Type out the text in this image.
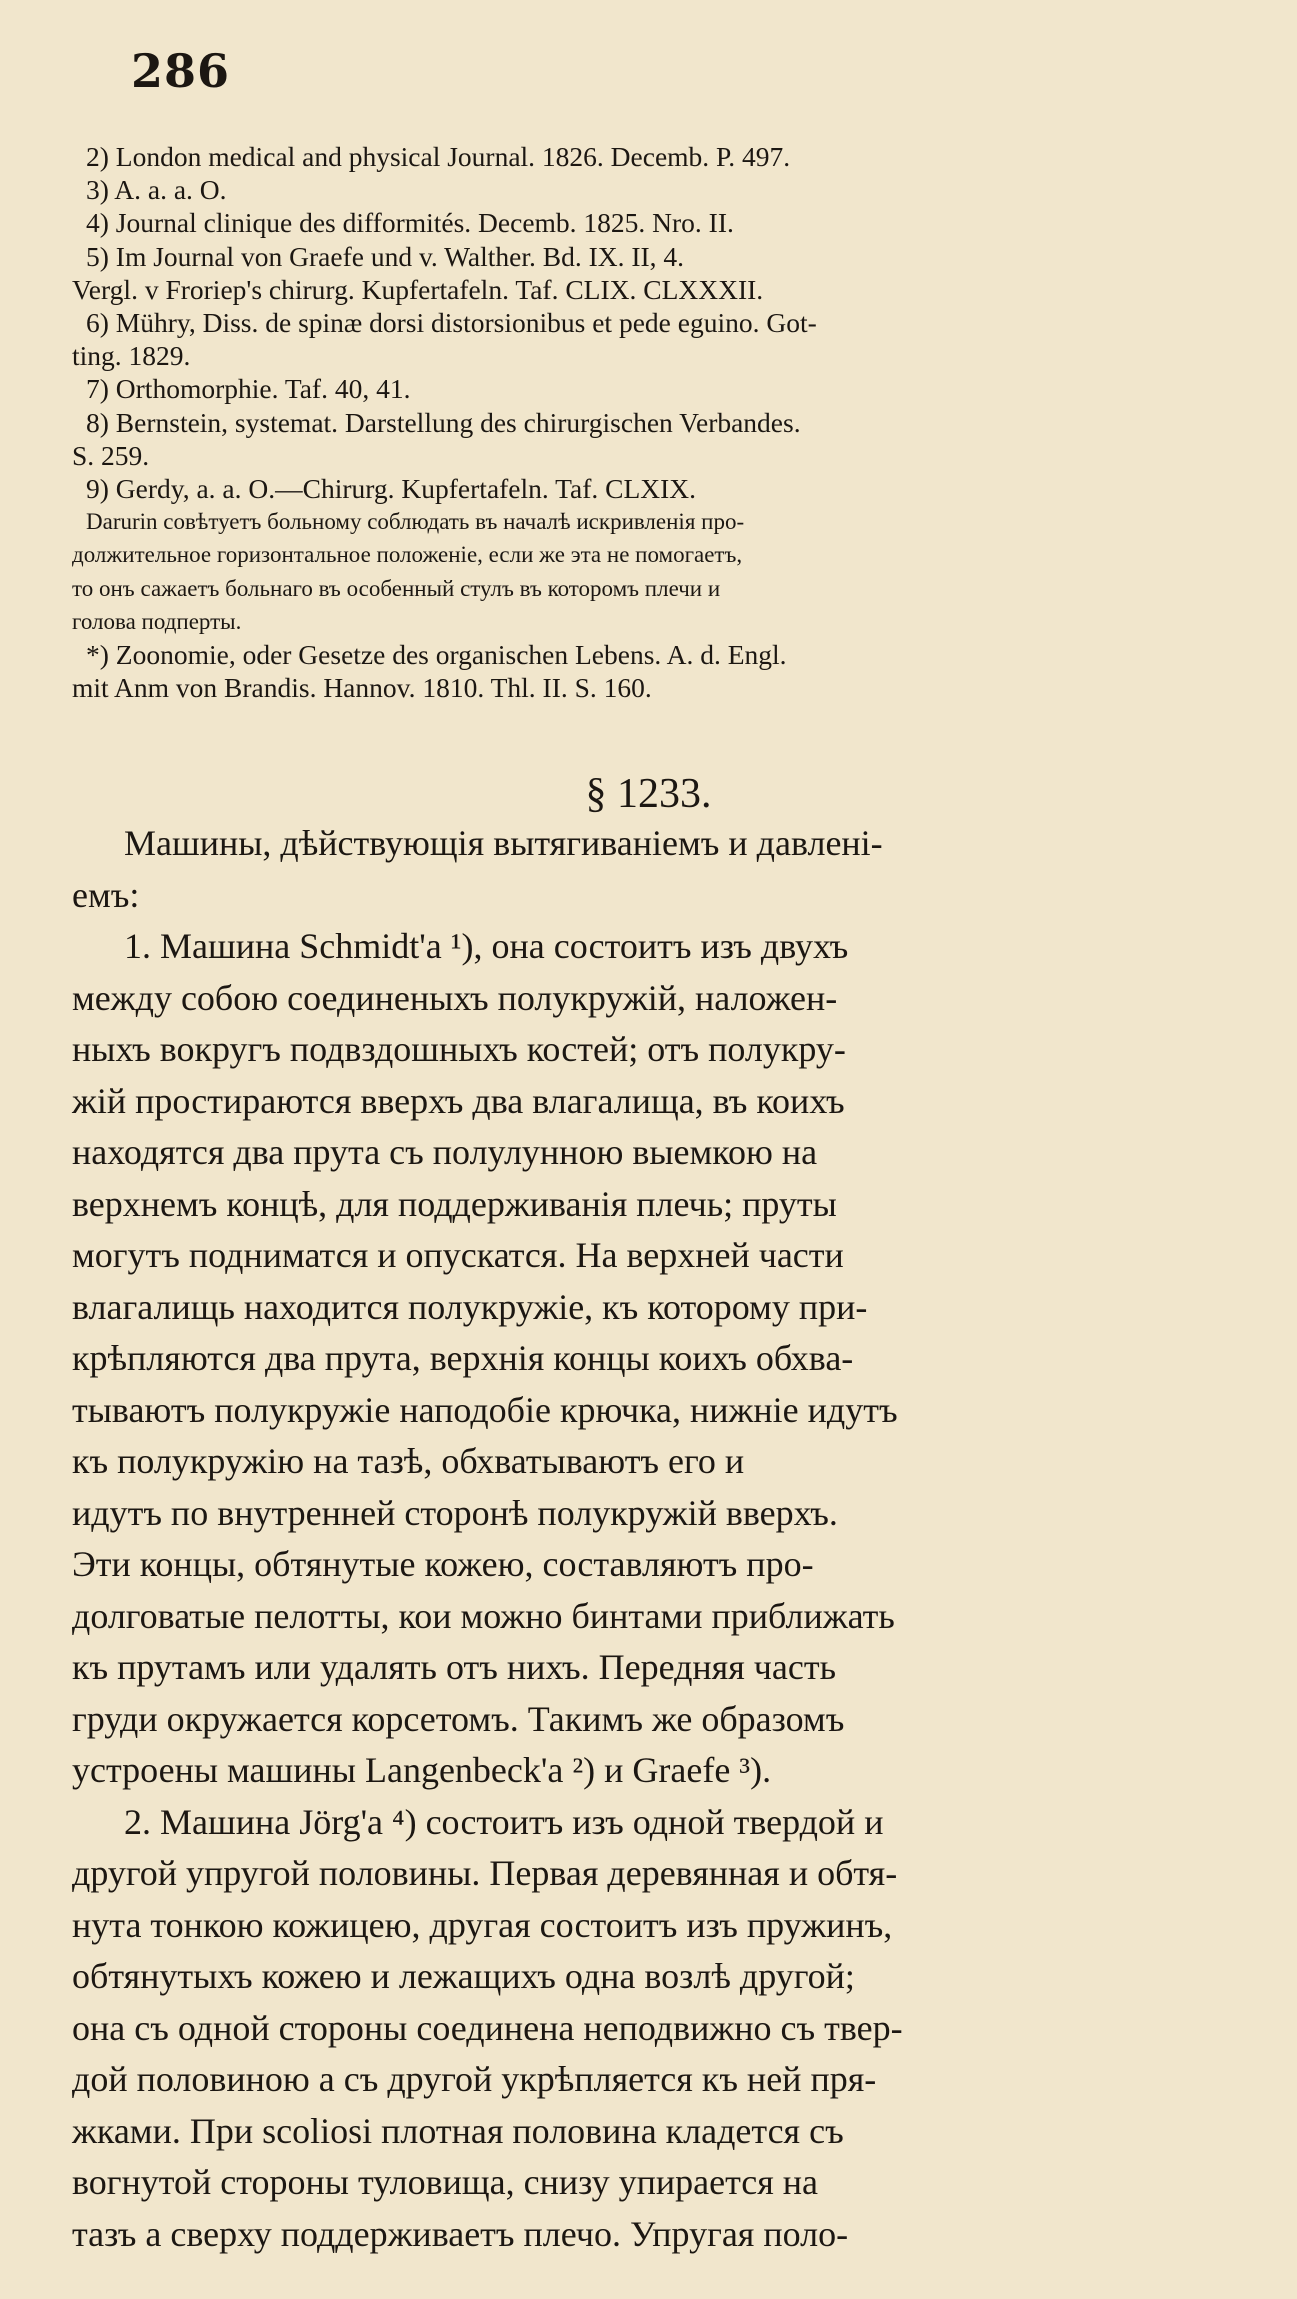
286
2) London medical and physical Journal. 1826. Decemb. P. 497.
3) A. a. a. O.
4) Journal clinique des difformités. Decemb. 1825. Nro. II.
5) Im Journal von Graefe und v. Walther. Bd. IX. II, 4.
Vergl. v Froriep's chirurg. Kupfertafeln. Taf. CLIX. CLXXXII.
6) Mühry, Diss. de spinæ dorsi distorsionibus et pede eguino. Got-
ting. 1829.
7) Orthomorphie. Taf. 40, 41.
8) Bernstein, systemat. Darstellung des chirurgischen Verbandes.
S. 259.
9) Gerdy, a. a. O.—Chirurg. Kupfertafeln. Taf. CLXIX.
Darurin совѣтуетъ больному соблюдать въ началѣ искривленія про-
должительное горизонтальное положеніе, если же эта не помогаетъ,
то онъ сажаетъ больнаго въ особенный стулъ въ которомъ плечи и
голова подперты.
*) Zoonomie, oder Gesetze des organischen Lebens. A. d. Engl.
mit Anm von Brandis. Hannov. 1810. Thl. II. S. 160.
§ 1233.
Машины, дѣйствующія вытягиваніемъ и давлені-
емъ:
1. Машина Schmidt'a ¹), она состоитъ изъ двухъ
между собою соединеныхъ полукружій, наложен-
ныхъ вокругъ подвздошныхъ костей; отъ полукру-
жій простираются вверхъ два влагалища, въ коихъ
находятся два прута съ полулунною выемкою на
верхнемъ концѣ, для поддерживанія плечь; пруты
могутъ подниматся и опускатся. На верхней части
влагалищь находится полукружіе, къ которому при-
крѣпляются два прута, верхнія концы коихъ обхва-
тываютъ полукружіе наподобіе крючка, нижніе идутъ
къ полукружію на тазѣ, обхватываютъ его и
идутъ по внутренней сторонѣ полукружій вверхъ.
Эти концы, обтянутые кожею, составляютъ про-
долговатые пелотты, кои можно бинтами приближать
къ прутамъ или удалять отъ нихъ. Передняя часть
груди окружается корсетомъ. Такимъ же образомъ
устроены машины Langenbeck'a ²) и Graefe ³).
2. Машина Jörg'a ⁴) состоитъ изъ одной твердой и
другой упругой половины. Первая деревянная и обтя-
нута тонкою кожицею, другая состоитъ изъ пружинъ,
обтянутыхъ кожею и лежащихъ одна возлѣ другой;
она съ одной стороны соединена неподвижно съ твер-
дой половиною а съ другой укрѣпляется къ ней пря-
жками. При scoliosi плотная половина кладется съ
вогнутой стороны туловища, снизу упирается на
тазъ а сверху поддерживаетъ плечо. Упругая поло-
